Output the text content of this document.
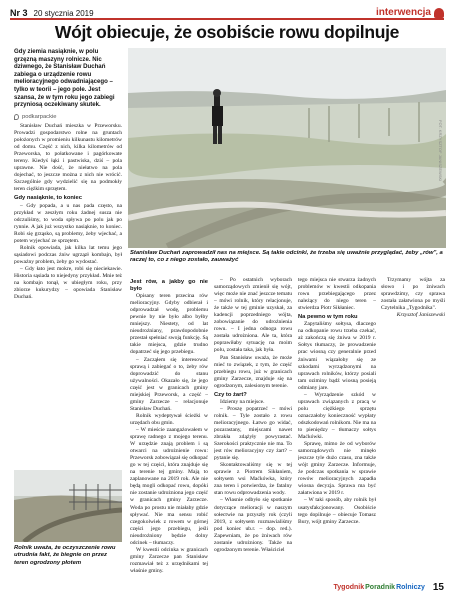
Nr 3 20 stycznia 2019	interwencja
Wójt obiecuje, że osobiście rowu dopilnuje
Gdy ziemia nasiąknie, w polu grzęzną maszyny rolnicze. Nic dziwnego, że Stanisław Duchań zabiega o urządzenie rowu melioracyjnego odwadniającego – tylko w teorii – jego pole. Jest szansa, że w tym roku jego zabiegi przyniosą oczekiwany skutek.
podkarpackie

Stanisław Duchań mieszka w Przeworsku. Prowadzi gospodarstwo rolne na gruntach położonych w promieniu kilkunastu kilometrów od domu. Część z nich, kilka kilometrów od Przeworska, to połatkowane i pagórkowate tereny. Kiedyś łąki i pastwiska, dziś – pola uprawne. Nie dość, że niełatwo na pola dojechać, to jeszcze można z nich nie wrócić. Szczególnie gdy wydzielić się na podmokły teren ciężkim sprzętem.

Gdy nasiąknie, to koniec

– Gdy popada, a u nas pada często, na przykład w zeszłym roku żadnej susza nie odczuliśmy, to woda spływa po polu jak po rynnie. A jak już wszystko nasiąknie, to koniec. Robi się grząsko, są problemy, żeby wjechać, a potem wyjechać ze sprzętem.

Rolnik opowiada, jak kilka lat temu jego sąsiadowi podczas żniw ugrzązł kombajn, był poważny problem, żeby go wydostać.

– Gdy łato jest mokre, robi się nieciekawie. Historia sąsiada to niejedyny przykład. Mnie też na kombajn tonął, w ubiegłym roku, przy zbiorze kukurydzy – opowiada Stanisław Duchań.

FOT. KRZYSZTOF JANISZEWSKI
Stanisław Duchań zaprowadził nas na miejsce. Są takie odcinki, że trzeba się uważnie przyglądać, żeby „rów", a raczej to, co z niego zostało, zauważyć

Jest rów, a jakby go nie było

Opisany teren przecina rów melioracyjny. Gdyby odbierał i odprowadzał wodę, problemu pewnie by nie było albo byłby mniejszy. Niestety, od lat nieudrożniany, prawdopodobnie przestał spełniać swoją funkcję. Są takie miejsca, gdzie trudno dopatrzeć się jego przebiegu.

– Zacząłem się interesować sprawą i zabiegać o to, żeby rów doprowadzić do stanu używalności. Okazało się, że jego część jest w granicach gminy miejskiej Przeworsk, a część – gminy Zarzecze – relacjonuje Stanisław Duchań.

Rolnik wydeptywał ścieżki w urzędach obu gmin.

– W mieście zaangażowałem w sprawę radnego z mojego terenu. W urzędzie znają problem i są otwarci na udrożnienie rowu: Przeworsk zobowiązał się odkopać go w tej części, która znajduje się na terenie tej gminy. Mają to zaplanowane na 2019 rok. Ale nie będą mogli odkopać rowu, dopóki nie zostanie udrożniona jego część w granicach gminy Zarzecze. Woda po prostu nie miałaby gdzie spływać. Nie ma sensu robić czegokolwiek z rowem w górnej części jego przebiegu, jeśli nieudrożniony będzie dolny odcinek – tłumaczy.

W kwestii odcinka w granicach gminy Zarzecze pan Stanisław rozmawiał też z urzędnikami tej właśnie gminy.

– Po ostatnich wyborach samorządowych zmienił się wójt, więc może nie znać jeszcze tematu – mówi rolnik, który relacjonuje, że także w tej gminie uzyskał, za kadencji poprzedniego wójta, zobowiązanie do udrożnienia rowu. – I jedna odnoga rowu została udrożniona. Ale ta, która poprawiłaby sytuację na moim polu, została taka, jak była.

Pan Stanisław uważa, że może mieć to związek, z tym, że część przebiegu rowu, już w granicach gminy Zarzecze, znajduje się na ogrodzonym, zalesionym terenie.

Czy to żart?

Idziemy na miejsce.

– Proszę popatrzeć – mówi rolnik. – Tyle zostało z rowu melioracyjnego. Łatwo go widać, pozarastany, miejscami nawet zbrakła zdążyły powyrastać. Szerokości praktycznie nie ma. To jest rów melioracyjny czy żart? – pytanie się.

Skontaktowaliśmy się w tej sprawie z Piotrem Sikłaniem, sołtysem wsi Maćkówka, który zna teren i potwierdza, że fatalny stan rowu odprowadzenia wody.

– Własnie odbyło się spotkanie dotyczące melioracji w naszym sołectwie na przyszły rok (czyli 2019, z sołtysem rozmawialiśmy pod koniec ub.r. – dop. red.). Zapewniam, że po żniwach rów zostanie udrożniony. Także na ogrodzonym terenie. Właściciel

tego miejsca nie stwarza żadnych problemów w kwestii odkopania rowu przebiegającego przez należący do niego teren – stwierdza Piotr Sikłaniec.

Na pewno w tym roku

Zapytaliśmy sołtysa, dlaczego na odkopanie rowu trzeba czekać, aż zakończą się żniwa w 2019 r. Sołtys tłumaczy, że prowadzenie prac wiosną czy generalnie przed żniwami wiązałoby się ze szkodami wyrządzonymi na uprawach rolników, którzy posiali tam oziminy bądź wiosną posieją odmiany jare.

– Wyrządzenie szkód w uprawach związanych z pracą w polu ciężkiego sprzętu oznaczałoby konieczność wypłaty odszkodowań rolnikom. Nie ma na to pieniędzy – tłumaczy sołtys Maćkówki.

Sprawę, mimo że od wyborów samorządowych nie minęło jeszcze tyle dużo czasu, zna także wójt gminy Zarzecze. Informuje, że podczas spotkania w sprawie rowów melioracyjnych zapadła wiosna decyzja. Sprawa ma być załatwiona w 2019 r.

– W taki sposób, aby rolnik był usatysfakcjonowany. Osobiście tego dopilnuje – obiecuje Tomasz Bury, wójt gminy Zarzecze.

Trzymamy wójta za słowo i po żniwach sprawdzimy, czy sprawa została załatwiona po myśli Czytelnika „Tygodnika".

Krzysztof Janiszewski

Rolnik uważa, że oczyszczenie rowu utrudnia fakt, że biegnie on przez teren ogrodzony płotem
Tygodnik Poradnik Rolniczy 15
